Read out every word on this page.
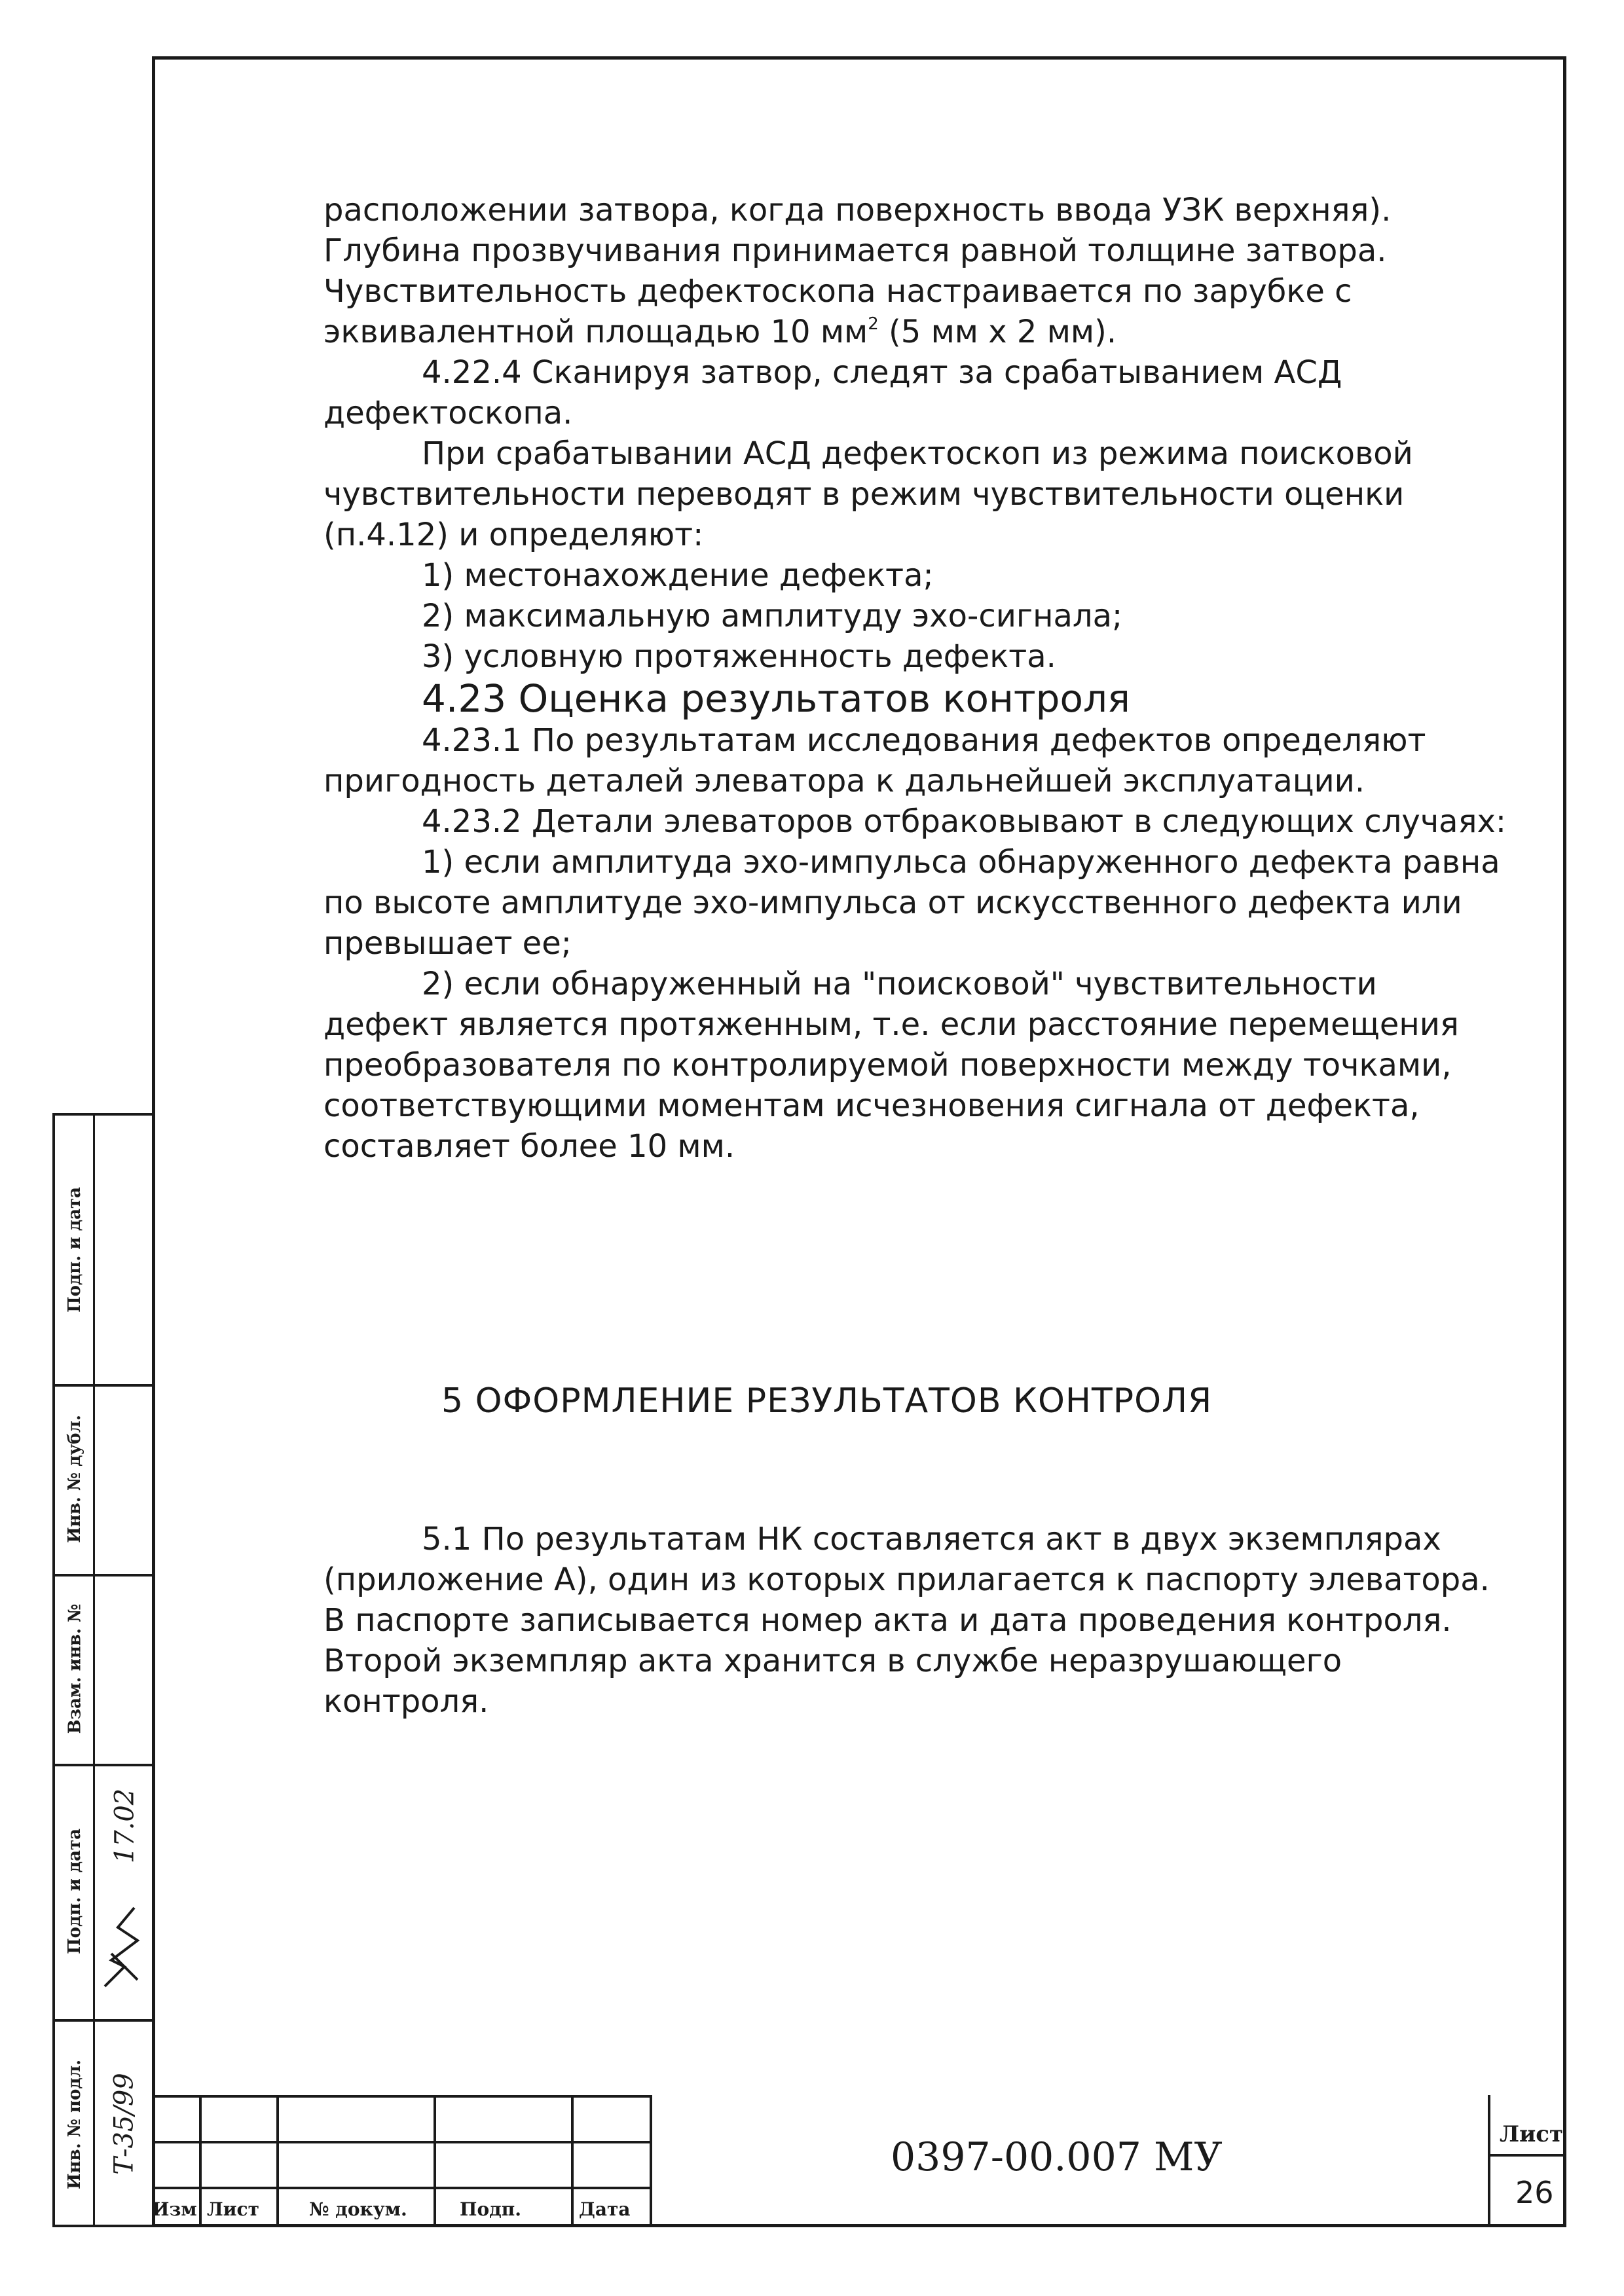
расположении затвора, когда поверхность ввода УЗК верхняя). Глубина прозвучивания принимается равной толщине затвора. Чувствительность дефектоскопа настраивается по зарубке с эквивалентной площадью 10 $мм^2$ (5 мм х 2 мм).

4.22.4 Сканируя затвор, следят за срабатыванием АСД дефектоскопа.

При срабатывании АСД дефектоскоп из режима поисковой чувствительности переводят в режим чувствительности оценки (п.4.12) и определяют:

1) местонахождение дефекта;

2) максимальную амплитуду эхо-сигнала;

3) условную протяженность дефекта.

4.23 Оценка результатов контроля

4.23.1 По результатам исследования дефектов определяют пригодность деталей элеватора к дальнейшей эксплуатации.

4.23.2 Детали элеваторов отбраковывают в следующих случаях:

1) если амплитуда эхо-импульса обнаруженного дефекта равна по высоте амплитуде эхо-импульса от искусственного дефекта или превышает ее;

2) если обнаруженный на "поисковой" чувствительности дефект является протяженным, т.е. если расстояние перемещения преобразователя по контролируемой поверхности между точками, соответствующими моментам исчезновения сигнала от дефекта, составляет более 10 мм.

5 ОФОРМЛЕНИЕ РЕЗУЛЬТАТОВ КОНТРОЛЯ

5.1 По результатам НК составляется акт в двух экземплярах (приложение А), один из которых прилагается к паспорту элеватора. В паспорте записывается номер акта и дата проведения контроля. Второй экземпляр акта хранится в службе неразрушающего контроля.

Подп. и дата
Инв. № дубл.
Взам. инв. №
Подп. и дата
Инв. № подл.
17.02
Т-35/99
Изм Лист	№ докум.	Подп.	Дата
0397-00.007 МУ	Лист
26
